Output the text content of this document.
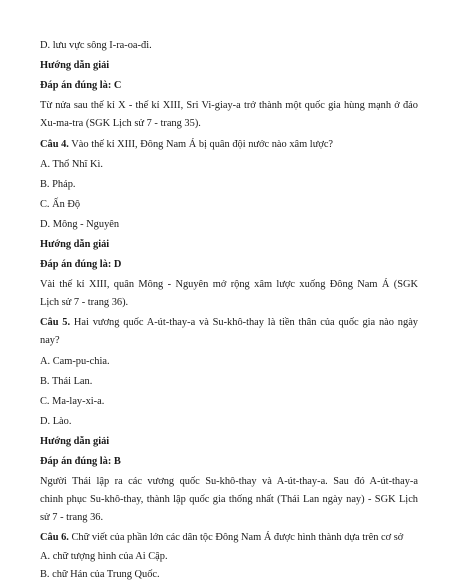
D. lưu vực sông I-ra-oa-đi.
Hướng dẫn giải
Đáp án đúng là: C
Từ nửa sau thế kỉ X - thế kỉ XIII, Sri Vi-giay-a trở thành một quốc gia hùng mạnh ở đảo
Xu-ma-tra (SGK Lịch sử 7 - trang 35).
Câu 4. Vào thế kỉ XIII, Đông Nam Á bị quân đội nước nào xâm lược?
A. Thổ Nhĩ Kì.
B. Pháp.
C. Ấn Độ
D. Mông - Nguyên
Hướng dẫn giải
Đáp án đúng là: D
Vài thế kỉ XIII, quân Mông - Nguyên mở rộng xâm lược xuống Đông Nam Á (SGK
Lịch sử 7 - trang 36).
Câu 5. Hai vương quốc A-út-thay-a và Su-khô-thay là tiền thân của quốc gia nào ngày
nay?
A. Cam-pu-chia.
B. Thái Lan.
C. Ma-lay-xi-a.
D. Lào.
Hướng dẫn giải
Đáp án đúng là: B
Người Thái lập ra các vương quốc Su-khô-thay và A-út-thay-a. Sau đó A-út-thay-a
chinh phục Su-khô-thay, thành lập quốc gia thống nhất (Thái Lan ngày nay) - SGK Lịch
sử 7 - trang 36.
Câu 6. Chữ viết của phần lớn các dân tộc Đông Nam Á được hình thành dựa trên cơ sở
A. chữ tượng hình của Ai Cập.
B. chữ Hán của Trung Quốc.
